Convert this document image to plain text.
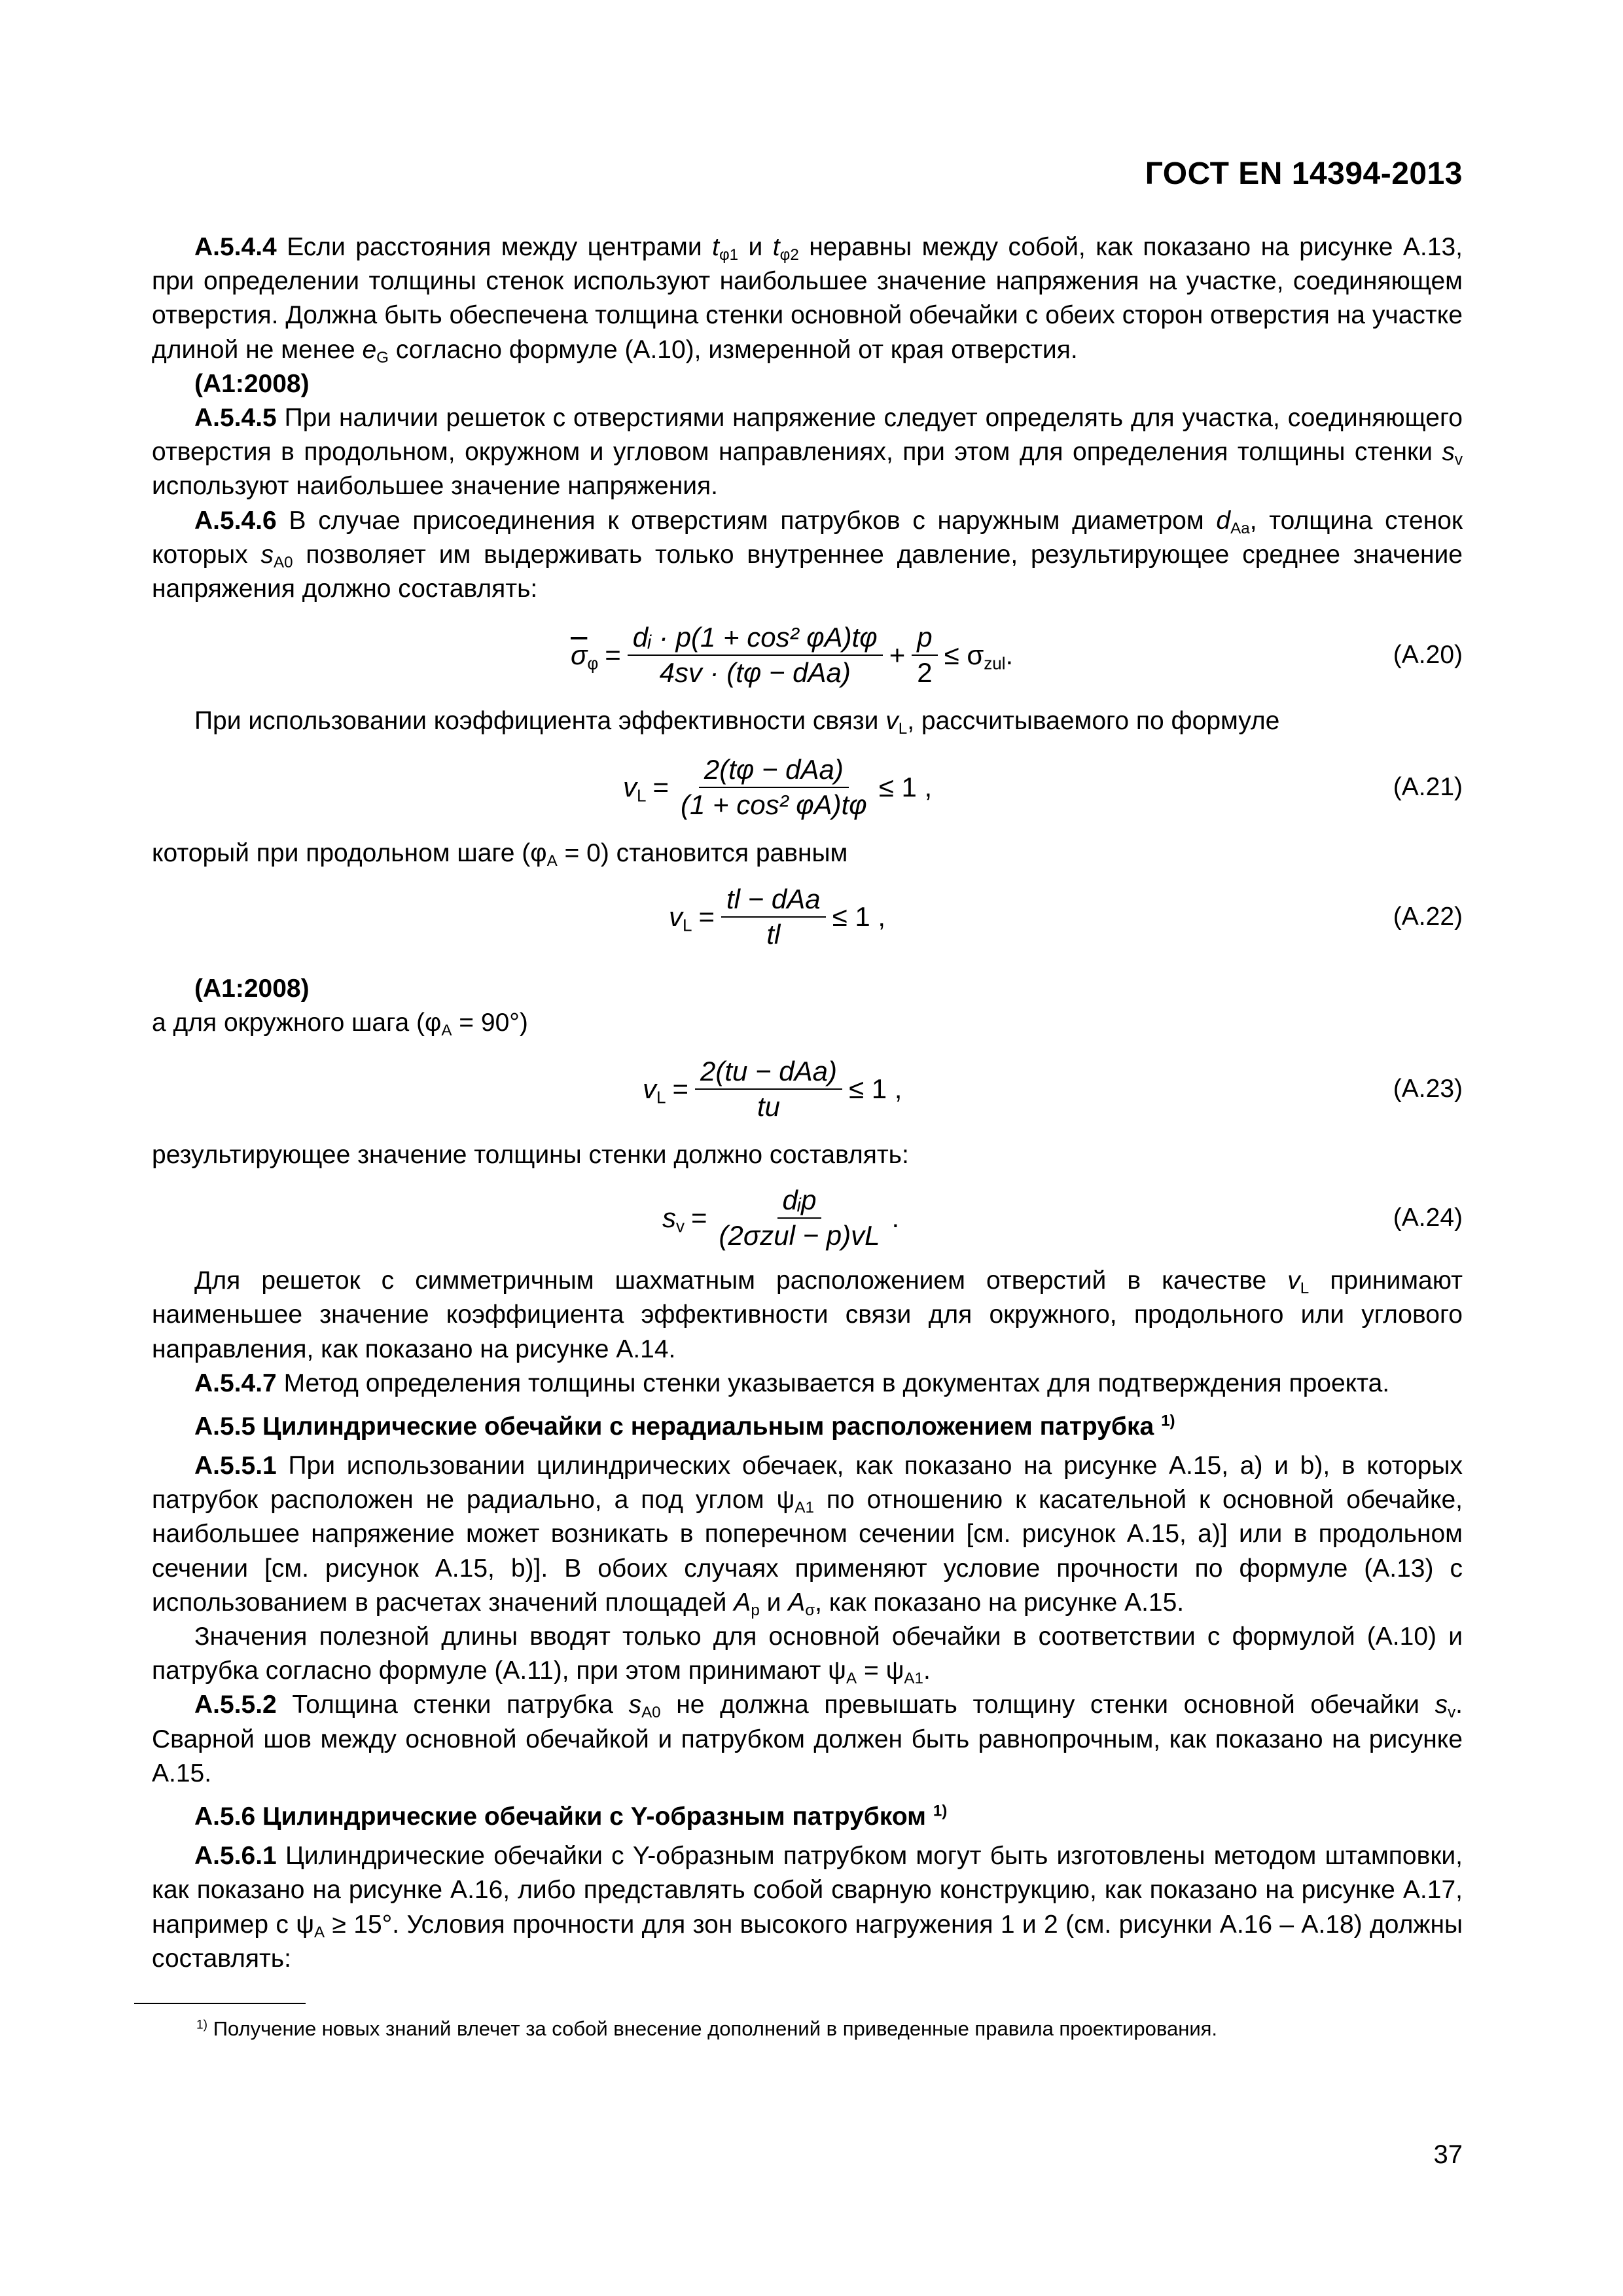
ГОСТ EN 14394-2013

А.5.4.4 Если расстояния между центрами $t_{\varphi 1}$ и $t_{\varphi 2}$ неравны между собой, как показано на рисунке А.13, при определении толщины стенок используют наибольшее значение напряжения на участке, соединяющем отверстия. Должна быть обеспечена толщина стенки основной обечайки с обеих сторон отверстия на участке длиной не менее $e_G$ согласно формуле (А.10), измеренной от края отверстия.

(А1:2008)

А.5.4.5 При наличии решеток с отверстиями напряжение следует определять для участка, соединяющего отверстия в продольном, окружном и угловом направлениях, при этом для определения толщины стенки $s_v$ используют наибольшее значение напряжения.

А.5.4.6 В случае присоединения к отверстиям патрубков с наружным диаметром $d_{Aa}$, толщина стенок которых $s_{A0}$ позволяет им выдерживать только внутреннее давление, результирующее среднее значение напряжения должно составлять:

$\overline{\sigma}_\varphi = \frac{\text{dᵢ · p(1 + cos² φA)tφ}}{\text{4sv · (tφ − dAa)}} + \frac{p}{2} \le \sigma_{zul}$.	(А.20)

При использовании коэффициента эффективности связи $v_L$, рассчитываемого по формуле

$v_L = \frac{\text{2(tφ − dAa)}}{\text{(1 + cos² φA)tφ}} \le 1$ ,	(А.21)

который при продольном шаге $(\varphi_A = 0)$ становится равным

$v_L = \frac{\text{tl − dAa}}{tl} \le 1$ ,	(А.22)

(А1:2008)

а для окружного шага $(\varphi_A = 90^\circ)$

$v_L = \frac{\text{2(tu − dAa)}}{tu} \le 1$ ,	(А.23)

результирующее значение толщины стенки должно составлять:

$s_v = \frac{\text{dᵢp}}{\text{(2σzul − p)vL}}$ .	(А.24)

Для решеток с симметричным шахматным расположением отверстий в качестве $v_L$ принимают наименьшее значение коэффициента эффективности связи для окружного, продольного или углового направления, как показано на рисунке А.14.

А.5.4.7 Метод определения толщины стенки указывается в документах для подтверждения проекта.

А.5.5 Цилиндрические обечайки с нерадиальным расположением патрубка $^{1)}$

А.5.5.1 При использовании цилиндрических обечаек, как показано на рисунке А.15, a) и b), в которых патрубок расположен не радиально, а под углом $\psi_{A1}$ по отношению к касательной к основной обечайке, наибольшее напряжение может возникать в поперечном сечении [см. рисунок А.15, a)] или в продольном сечении [см. рисунок А.15, b)]. В обоих случаях применяют условие прочности по формуле (А.13) с использованием в расчетах значений площадей $A_p$ и $A_\sigma$, как показано на рисунке А.15.

Значения полезной длины вводят только для основной обечайки в соответствии с формулой (А.10) и патрубка согласно формуле (А.11), при этом принимают $\psi_A = \psi_{A1}$.

А.5.5.2 Толщина стенки патрубка $s_{A0}$ не должна превышать толщину стенки основной обечайки $s_v$. Сварной шов между основной обечайкой и патрубком должен быть равнопрочным, как показано на рисунке А.15.

А.5.6 Цилиндрические обечайки с Y-образным патрубком $^{1)}$

А.5.6.1 Цилиндрические обечайки с Y-образным патрубком могут быть изготовлены методом штамповки, как показано на рисунке А.16, либо представлять собой сварную конструкцию, как показано на рисунке А.17, например с $\psi_A \ge 15^\circ$. Условия прочности для зон высокого нагружения 1 и 2 (см. рисунки А.16 – А.18) должны составлять:

$^{1)}$ Получение новых знаний влечет за собой внесение дополнений в приведенные правила проектирования.
37
